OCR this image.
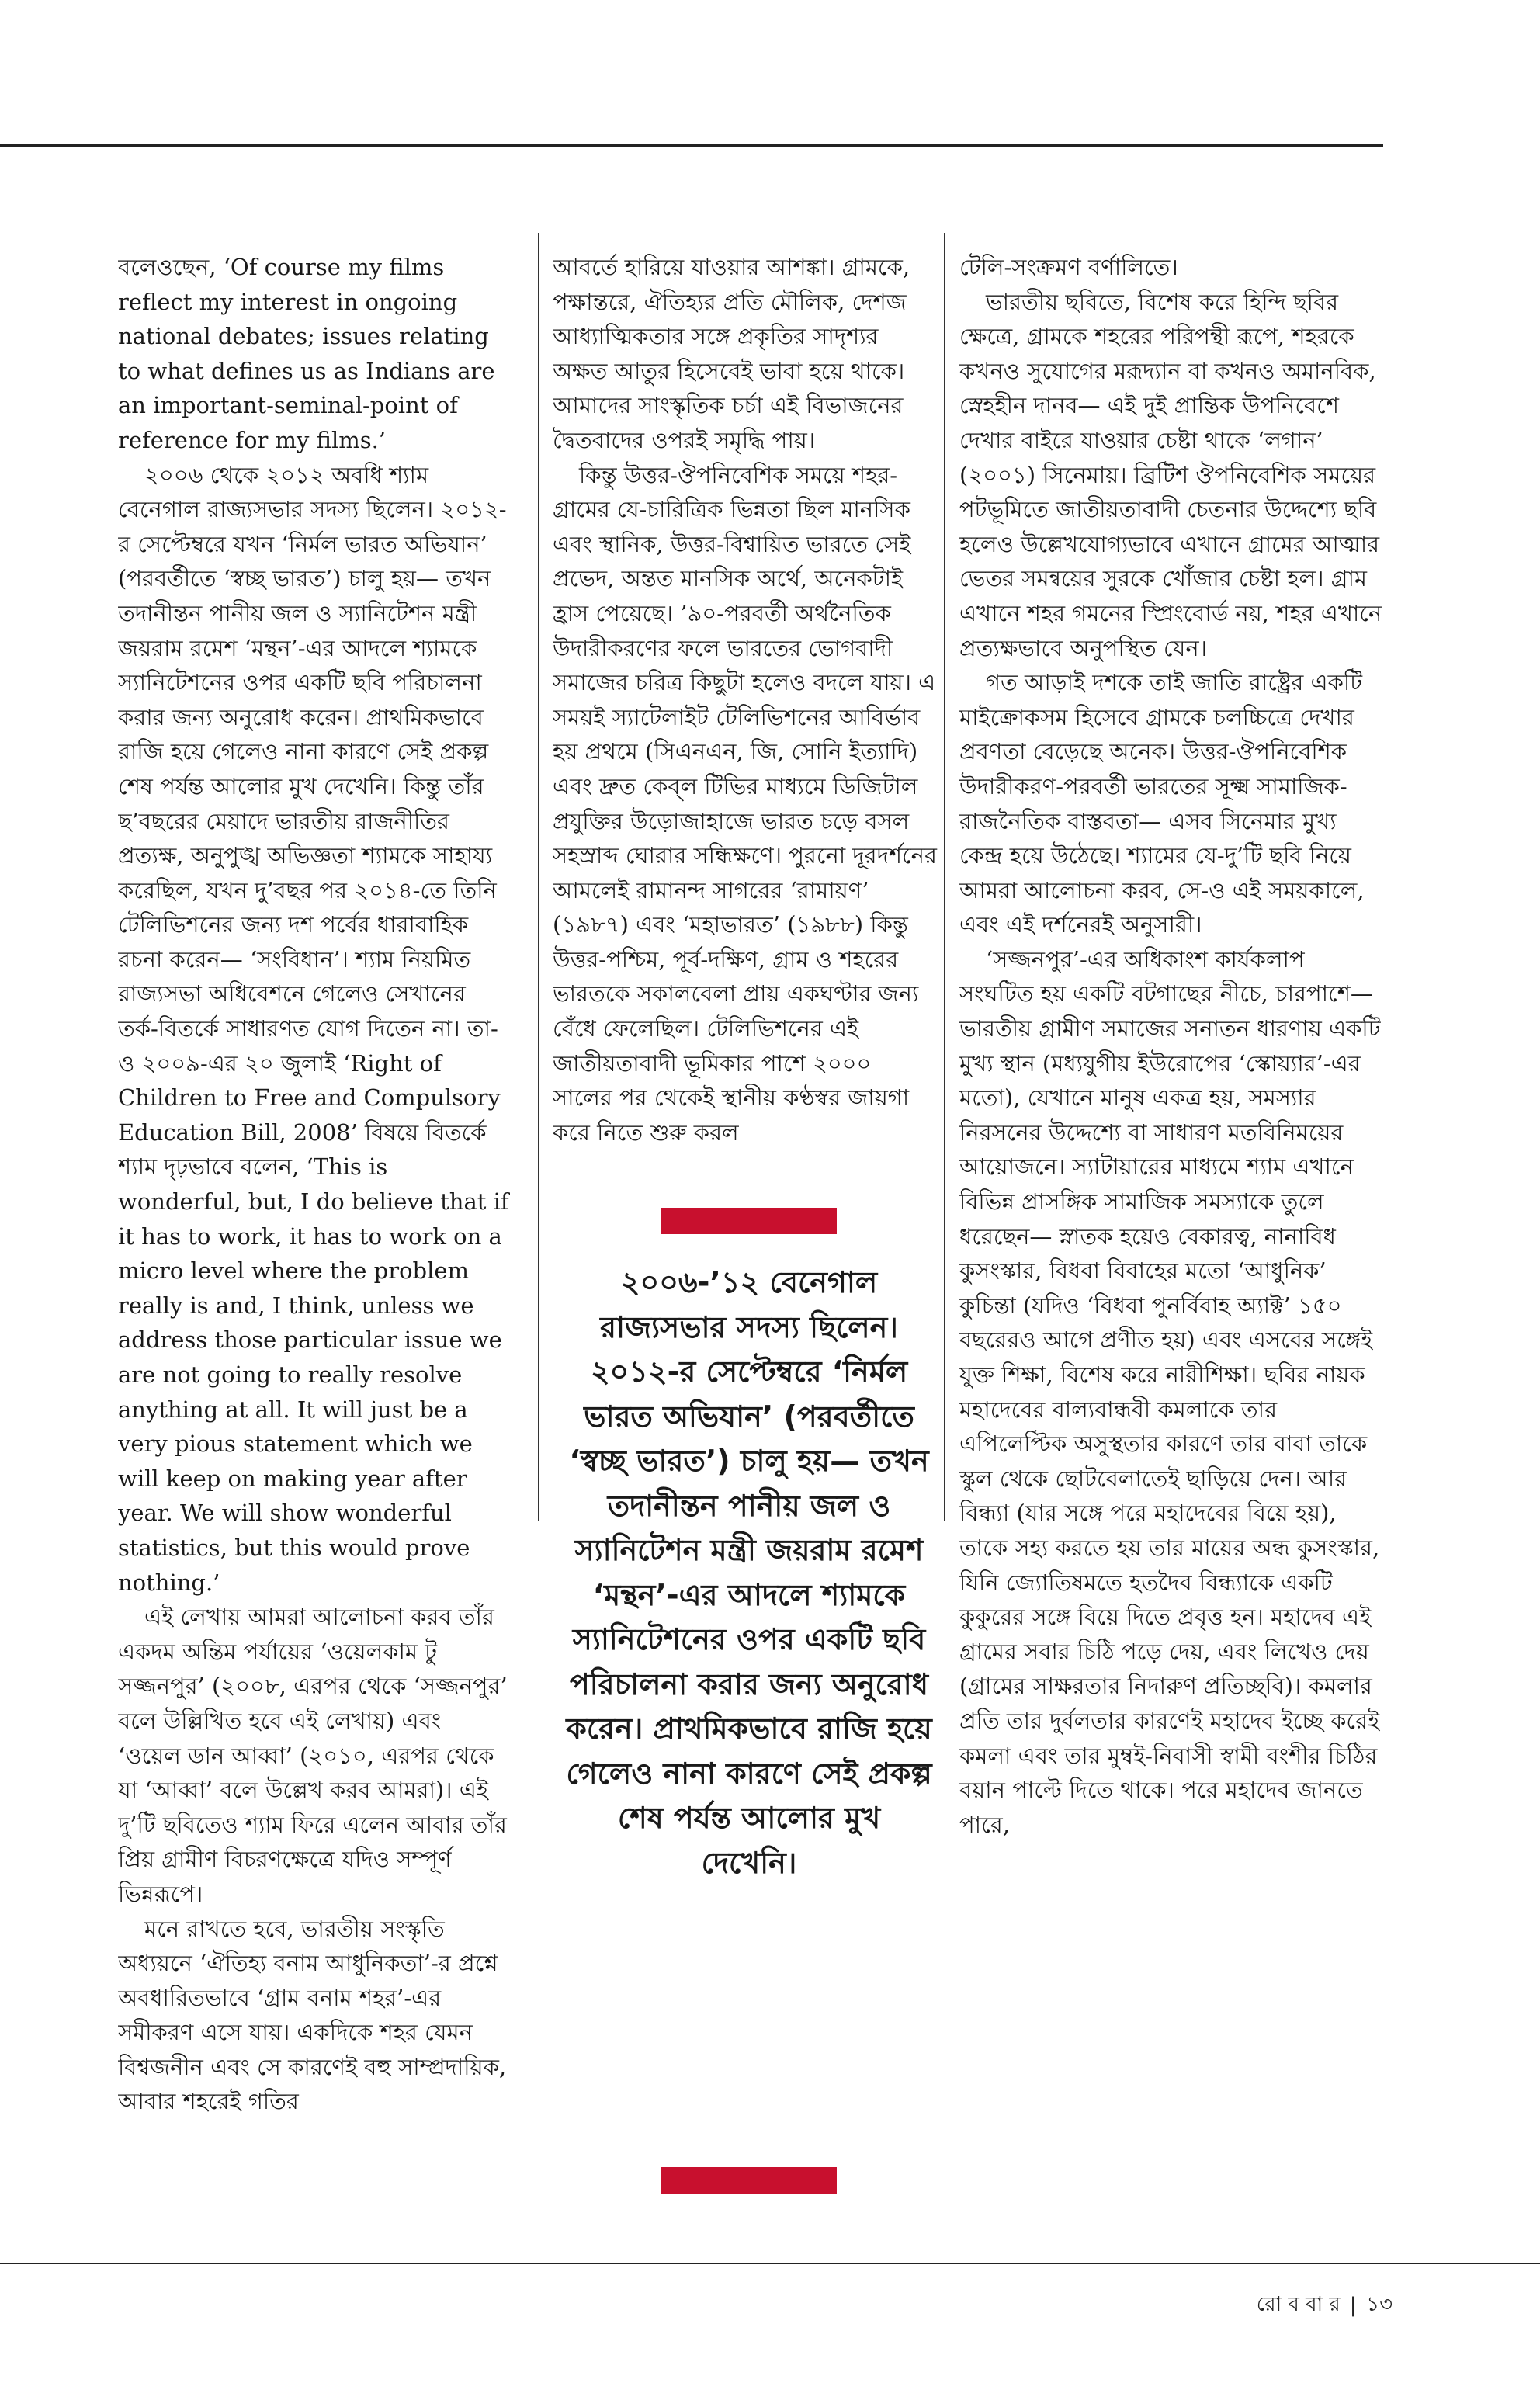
বলেওছেন, ‘Of course my films reflect my interest in ongoing national debates; issues relating to what defines us as Indians are an important-seminal-point of reference for my films.’

২০০৬ থেকে ২০১২ অবধি শ্যাম বেনেগাল রাজ্যসভার সদস্য ছিলেন। ২০১২-র সেপ্টেম্বরে যখন ‘নির্মল ভারত অভিযান’ (পরবর্তীতে ‘স্বচ্ছ ভারত’) চালু হয়— তখন তদানীন্তন পানীয় জল ও স্যানিটেশন মন্ত্রী জয়রাম রমেশ ‘মন্থন’-এর আদলে শ্যামকে স্যানিটেশনের ওপর একটি ছবি পরিচালনা করার জন্য অনুরোধ করেন। প্রাথমিকভাবে রাজি হয়ে গেলেও নানা কারণে সেই প্রকল্প শেষ পর্যন্ত আলোর মুখ দেখেনি। কিন্তু তাঁর ছ’বছরের মেয়াদে ভারতীয় রাজনীতির প্রত্যক্ষ, অনুপুঙ্খ অভিজ্ঞতা শ্যামকে সাহায্য করেছিল, যখন দু’বছর পর ২০১৪-তে তিনি টেলিভিশনের জন্য দশ পর্বের ধারাবাহিক রচনা করেন— ‘সংবিধান’। শ্যাম নিয়মিত রাজ্যসভা অধিবেশনে গেলেও সেখানের তর্ক-বিতর্কে সাধারণত যোগ দিতেন না। তা-ও ২০০৯-এর ২০ জুলাই ‘Right of Children to Free and Compulsory Education Bill, 2008’ বিষয়ে বিতর্কে শ্যাম দৃঢ়ভাবে বলেন, ‘This is wonderful, but, I do believe that if it has to work, it has to work on a micro level where the problem really is and, I think, unless we address those particular issue we are not going to really resolve anything at all. It will just be a very pious statement which we will keep on making year after year. We will show wonderful statistics, but this would prove nothing.’

এই লেখায় আমরা আলোচনা করব তাঁর একদম অন্তিম পর্যায়ের ‘ওয়েলকাম টু সজ্জনপুর’ (২০০৮, এরপর থেকে ‘সজ্জনপুর’ বলে উল্লিখিত হবে এই লেখায়) এবং ‘ওয়েল ডান আব্বা’ (২০১০, এরপর থেকে যা ‘আব্বা’ বলে উল্লেখ করব আমরা)। এই দু’টি ছবিতেও শ্যাম ফিরে এলেন আবার তাঁর প্রিয় গ্রামীণ বিচরণক্ষেত্রে যদিও সম্পূর্ণ ভিন্নরূপে।

মনে রাখতে হবে, ভারতীয় সংস্কৃতি অধ্যয়নে ‘ঐতিহ্য বনাম আধুনিকতা’-র প্রশ্নে অবধারিতভাবে ‘গ্রাম বনাম শহর’-এর সমীকরণ এসে যায়। একদিকে শহর যেমন বিশ্বজনীন এবং সে কারণেই বহু সাম্প্রদায়িক, আবার শহরেই গতির

আবর্তে হারিয়ে যাওয়ার আশঙ্কা। গ্রামকে, পক্ষান্তরে, ঐতিহ্যর প্রতি মৌলিক, দেশজ আধ্যাত্মিকতার সঙ্গে প্রকৃতির সাদৃশ্যর অক্ষত আতুর হিসেবেই ভাবা হয়ে থাকে। আমাদের সাংস্কৃতিক চর্চা এই বিভাজনের দ্বৈতবাদের ওপরই সমৃদ্ধি পায়।

কিন্তু উত্তর-ঔপনিবেশিক সময়ে শহর-গ্রামের যে-চারিত্রিক ভিন্নতা ছিল মানসিক এবং স্থানিক, উত্তর-বিশ্বায়িত ভারতে সেই প্রভেদ, অন্তত মানসিক অর্থে, অনেকটাই হ্রাস পেয়েছে। ’৯০-পরবর্তী অর্থনৈতিক উদারীকরণের ফলে ভারতের ভোগবাদী সমাজের চরিত্র কিছুটা হলেও বদলে যায়। এ সময়ই স্যাটেলাইট টেলিভিশনের আবির্ভাব হয় প্রথমে (সিএনএন, জি, সোনি ইত্যাদি) এবং দ্রুত কেব্‌ল টিভির মাধ্যমে ডিজিটাল প্রযুক্তির উড়োজাহাজে ভারত চড়ে বসল সহস্রাব্দ ঘোরার সন্ধিক্ষণে। পুরনো দূরদর্শনের আমলেই রামানন্দ সাগরের ‘রামায়ণ’ (১৯৮৭) এবং ‘মহাভারত’ (১৯৮৮) কিন্তু উত্তর-পশ্চিম, পূর্ব-দক্ষিণ, গ্রাম ও শহরের ভারতকে সকালবেলা প্রায় একঘণ্টার জন্য বেঁধে ফেলেছিল। টেলিভিশনের এই জাতীয়তাবাদী ভূমিকার পাশে ২০০০ সালের পর থেকেই স্থানীয় কণ্ঠস্বর জায়গা করে নিতে শুরু করল

২০০৬-’১২ বেনেগাল রাজ্যসভার সদস্য ছিলেন। ২০১২-র সেপ্টেম্বরে ‘নির্মল ভারত অভিযান’ (পরবর্তীতে ‘স্বচ্ছ ভারত’) চালু হয়— তখন তদানীন্তন পানীয় জল ও স্যানিটেশন মন্ত্রী জয়রাম রমেশ ‘মন্থন’-এর আদলে শ্যামকে স্যানিটেশনের ওপর একটি ছবি পরিচালনা করার জন্য অনুরোধ করেন। প্রাথমিকভাবে রাজি হয়ে গেলেও নানা কারণে সেই প্রকল্প শেষ পর্যন্ত আলোর মুখ দেখেনি।

টেলি-সংক্রমণ বর্ণালিতে।

ভারতীয় ছবিতে, বিশেষ করে হিন্দি ছবির ক্ষেত্রে, গ্রামকে শহরের পরিপন্থী রূপে, শহরকে কখনও সুযোগের মরূদ্যান বা কখনও অমানবিক, স্নেহহীন দানব— এই দুই প্রান্তিক উপনিবেশে দেখার বাইরে যাওয়ার চেষ্টা থাকে ‘লগান’ (২০০১) সিনেমায়। ব্রিটিশ ঔপনিবেশিক সময়ের পটভূমিতে জাতীয়তাবাদী চেতনার উদ্দেশ্যে ছবি হলেও উল্লেখযোগ্যভাবে এখানে গ্রামের আত্মার ভেতর সমন্বয়ের সুরকে খোঁজার চেষ্টা হল। গ্রাম এখানে শহর গমনের স্প্রিংবোর্ড নয়, শহর এখানে প্রত্যক্ষভাবে অনুপস্থিত যেন।

গত আড়াই দশকে তাই জাতি রাষ্ট্রের একটি মাইক্রোকসম হিসেবে গ্রামকে চলচ্চিত্রে দেখার প্রবণতা বেড়েছে অনেক। উত্তর-ঔপনিবেশিক উদারীকরণ-পরবর্তী ভারতের সূক্ষ্ম সামাজিক-রাজনৈতিক বাস্তবতা— এসব সিনেমার মুখ্য কেন্দ্র হয়ে উঠেছে। শ্যামের যে-দু’টি ছবি নিয়ে আমরা আলোচনা করব, সে-ও এই সময়কালে, এবং এই দর্শনেরই অনুসারী।

‘সজ্জনপুর’-এর অধিকাংশ কার্যকলাপ সংঘটিত হয় একটি বটগাছের নীচে, চারপাশে— ভারতীয় গ্রামীণ সমাজের সনাতন ধারণায় একটি মুখ্য স্থান (মধ্যযুগীয় ইউরোপের ‘স্কোয়্যার’-এর মতো), যেখানে মানুষ একত্র হয়, সমস্যার নিরসনের উদ্দেশ্যে বা সাধারণ মতবিনিময়ের আয়োজনে। স্যাটায়ারের মাধ্যমে শ্যাম এখানে বিভিন্ন প্রাসঙ্গিক সামাজিক সমস্যাকে তুলে ধরেছেন— স্নাতক হয়েও বেকারত্ব, নানাবিধ কুসংস্কার, বিধবা বিবাহের মতো ‘আধুনিক’ কুচিন্তা (যদিও ‘বিধবা পুনর্বিবাহ অ্যাক্ট’ ১৫০ বছরেরও আগে প্রণীত হয়) এবং এসবের সঙ্গেই যুক্ত শিক্ষা, বিশেষ করে নারীশিক্ষা। ছবির নায়ক মহাদেবের বাল্যবান্ধবী কমলাকে তার এপিলেপ্টিক অসুস্থতার কারণে তার বাবা তাকে স্কুল থেকে ছোটবেলাতেই ছাড়িয়ে দেন। আর বিন্ধ্যা (যার সঙ্গে পরে মহাদেবের বিয়ে হয়), তাকে সহ্য করতে হয় তার মায়ের অন্ধ কুসংস্কার, যিনি জ্যোতিষমতে হতদৈব বিন্ধ্যাকে একটি কুকুরের সঙ্গে বিয়ে দিতে প্রবৃত্ত হন। মহাদেব এই গ্রামের সবার চিঠি পড়ে দেয়, এবং লিখেও দেয় (গ্রামের সাক্ষরতার নিদারুণ প্রতিচ্ছবি)। কমলার প্রতি তার দুর্বলতার কারণেই মহাদেব ইচ্ছে করেই কমলা এবং তার মুম্বই-নিবাসী স্বামী বংশীর চিঠির বয়ান পাল্টে দিতে থাকে। পরে মহাদেব জানতে পারে,

রো ব বা র | ১৩
